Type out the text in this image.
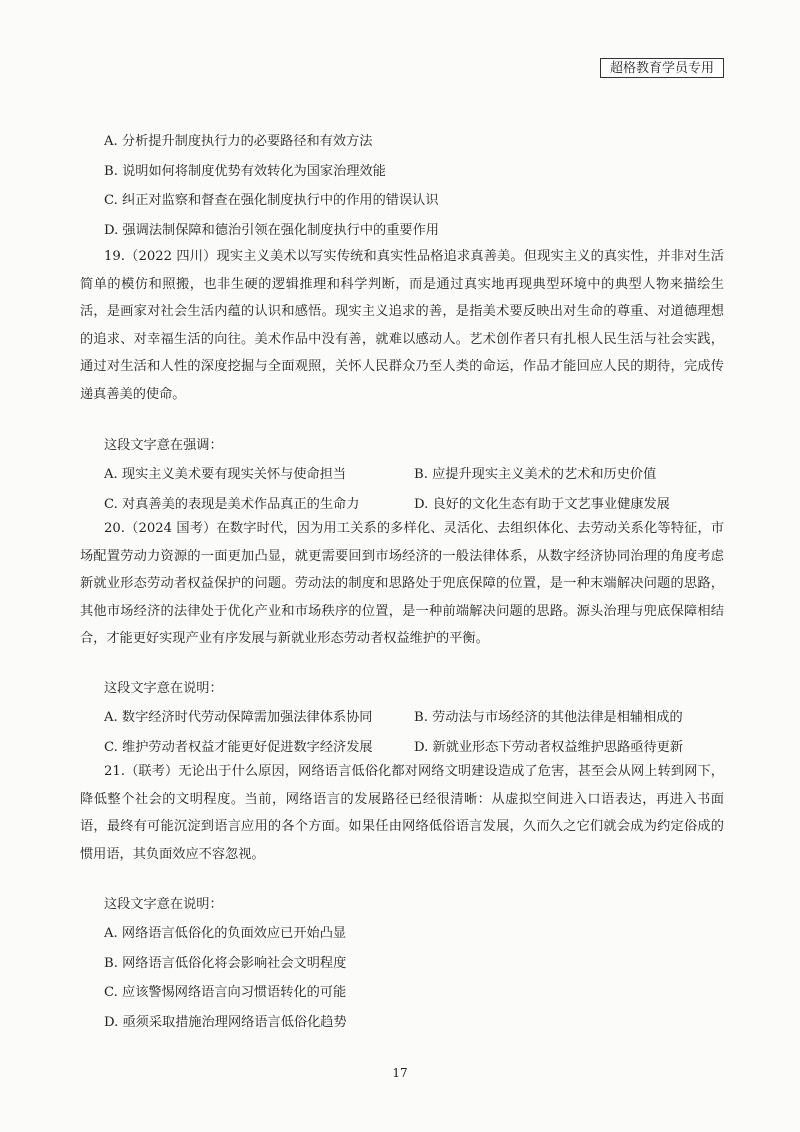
超格教育学员专用
A. 分析提升制度执行力的必要路径和有效方法
B. 说明如何将制度优势有效转化为国家治理效能
C. 纠正对监察和督查在强化制度执行中的作用的错误认识
D. 强调法制保障和德治引领在强化制度执行中的重要作用
19.（2022 四川）现实主义美术以写实传统和真实性品格追求真善美。但现实主义的真实性，并非对生活简单的模仿和照搬，也非生硬的逻辑推理和科学判断，而是通过真实地再现典型环境中的典型人物来描绘生活，是画家对社会生活内蕴的认识和感悟。现实主义追求的善，是指美术要反映出对生命的尊重、对道德理想的追求、对幸福生活的向往。美术作品中没有善，就难以感动人。艺术创作者只有扎根人民生活与社会实践，通过对生活和人性的深度挖掘与全面观照，关怀人民群众乃至人类的命运，作品才能回应人民的期待，完成传递真善美的使命。
这段文字意在强调：
A. 现实主义美术要有现实关怀与使命担当	B. 应提升现实主义美术的艺术和历史价值
C. 对真善美的表现是美术作品真正的生命力	D. 良好的文化生态有助于文艺事业健康发展
20.（2024 国考）在数字时代，因为用工关系的多样化、灵活化、去组织体化、去劳动关系化等特征，市场配置劳动力资源的一面更加凸显，就更需要回到市场经济的一般法律体系，从数字经济协同治理的角度考虑新就业形态劳动者权益保护的问题。劳动法的制度和思路处于兜底保障的位置，是一种末端解决问题的思路，其他市场经济的法律处于优化产业和市场秩序的位置，是一种前端解决问题的思路。源头治理与兜底保障相结合，才能更好实现产业有序发展与新就业形态劳动者权益维护的平衡。
这段文字意在说明：
A. 数字经济时代劳动保障需加强法律体系协同	B. 劳动法与市场经济的其他法律是相辅相成的
C. 维护劳动者权益才能更好促进数字经济发展	D. 新就业形态下劳动者权益维护思路亟待更新
21.（联考）无论出于什么原因，网络语言低俗化都对网络文明建设造成了危害，甚至会从网上转到网下，降低整个社会的文明程度。当前，网络语言的发展路径已经很清晰：从虚拟空间进入口语表达，再进入书面语，最终有可能沉淀到语言应用的各个方面。如果任由网络低俗语言发展，久而久之它们就会成为约定俗成的惯用语，其负面效应不容忽视。
这段文字意在说明：
A. 网络语言低俗化的负面效应已开始凸显
B. 网络语言低俗化将会影响社会文明程度
C. 应该警惕网络语言向习惯语转化的可能
D. 亟须采取措施治理网络语言低俗化趋势
17
